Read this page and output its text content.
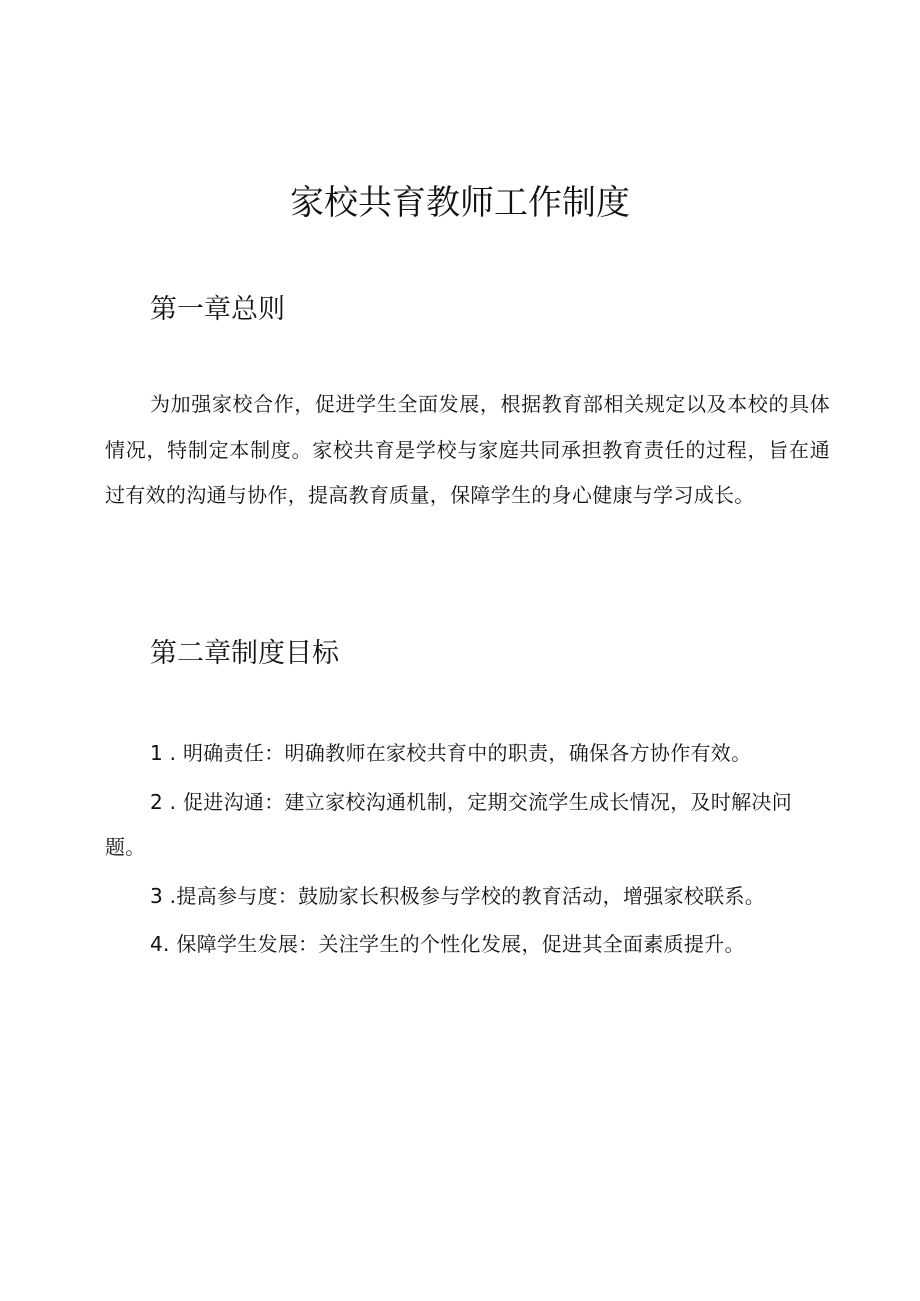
家校共育教师工作制度
第一章总则

为加强家校合作，促进学生全面发展，根据教育部相关规定以及本校的具体情况，特制定本制度。家校共育是学校与家庭共同承担教育责任的过程，旨在通过有效的沟通与协作，提高教育质量，保障学生的身心健康与学习成长。

第二章制度目标
1 . 明确责任：明确教师在家校共育中的职责，确保各方协作有效。
2 . 促进沟通：建立家校沟通机制，定期交流学生成长情况，及时解决问题。
3 .提高参与度：鼓励家长积极参与学校的教育活动，增强家校联系。
4. 保障学生发展：关注学生的个性化发展，促进其全面素质提升。
